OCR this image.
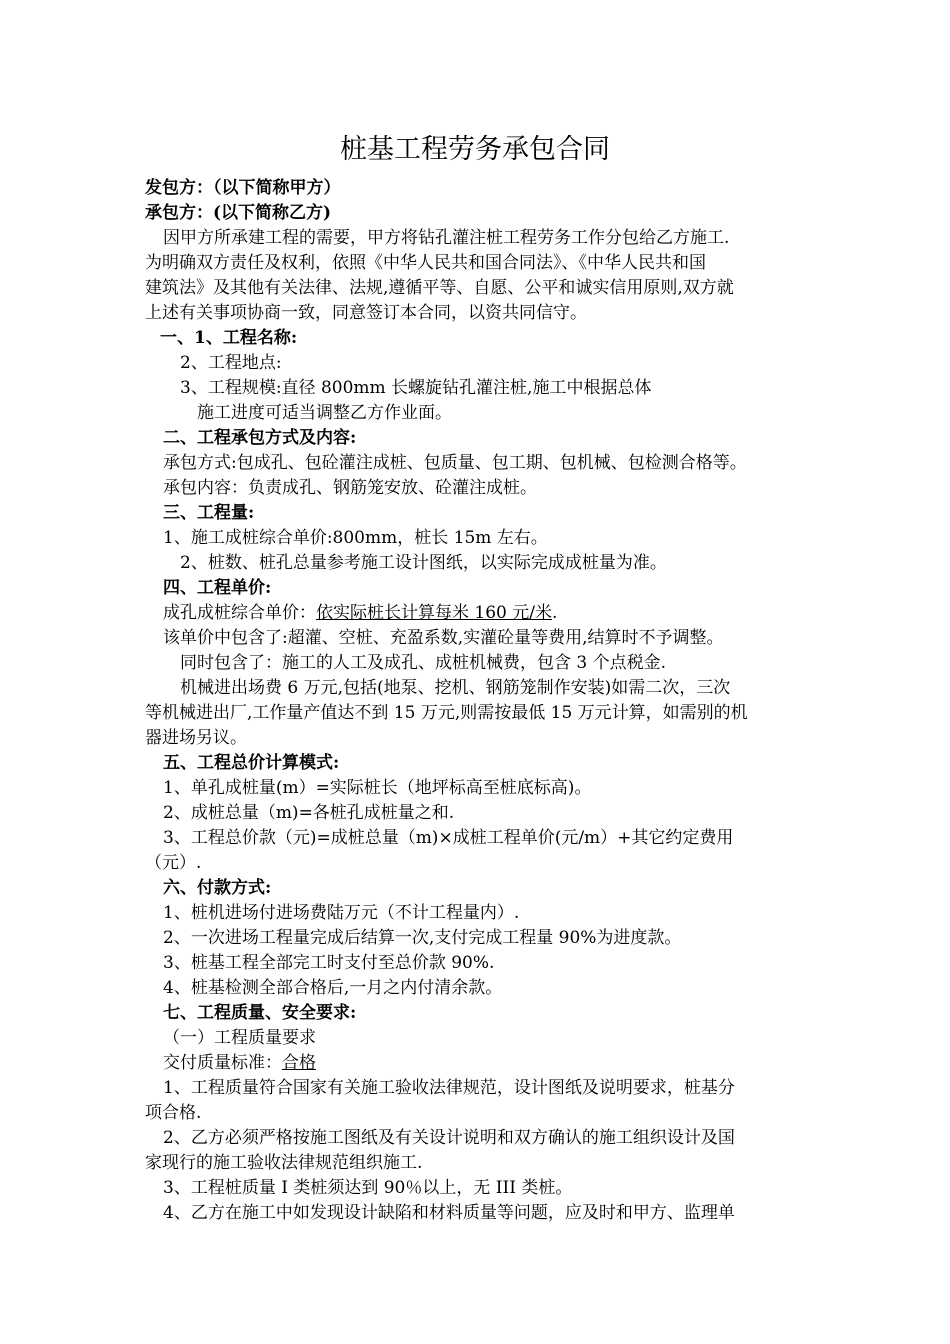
桩基工程劳务承包合同
发包方：（以下简称甲方）
承包方：(以下简称乙方)
因甲方所承建工程的需要，甲方将钻孔灌注桩工程劳务工作分包给乙方施工.
为明确双方责任及权利，依照《中华人民共和国合同法》、《中华人民共和国
建筑法》及其他有关法律、法规,遵循平等、自愿、公平和诚实信用原则,双方就
上述有关事项协商一致，同意签订本合同，以资共同信守。
一、1、工程名称:
2、工程地点:
3、工程规模:直径 800mm 长螺旋钻孔灌注桩,施工中根据总体
施工进度可适当调整乙方作业面。
二、工程承包方式及内容:
承包方式:包成孔、包砼灌注成桩、包质量、包工期、包机械、包检测合格等。
承包内容：负责成孔、钢筋笼安放、砼灌注成桩。
三、工程量:
1、施工成桩综合单价:800mm，桩长 15m 左右。
2、桩数、桩孔总量参考施工设计图纸，以实际完成成桩量为准。
四、工程单价:
成孔成桩综合单价：依实际桩长计算每米 160 元/米.
该单价中包含了:超灌、空桩、充盈系数,实灌砼量等费用,结算时不予调整。
同时包含了：施工的人工及成孔、成桩机械费，包含 3 个点税金.
机械进出场费 6 万元,包括(地泵、挖机、钢筋笼制作安装)如需二次，三次
等机械进出厂,工作量产值达不到 15 万元,则需按最低 15 万元计算，如需别的机
器进场另议。
五、工程总价计算模式:
1、单孔成桩量(m）=实际桩长（地坪标高至桩底标高)。
2、成桩总量（m)=各桩孔成桩量之和.
3、工程总价款（元)=成桩总量（m)×成桩工程单价(元/m）+其它约定费用
（元）.
六、付款方式:
1、桩机进场付进场费陆万元（不计工程量内）.
2、一次进场工程量完成后结算一次,支付完成工程量 90%为进度款。
3、桩基工程全部完工时支付至总价款 90%.
4、桩基检测全部合格后,一月之内付清余款。
七、工程质量、安全要求:
（一）工程质量要求
交付质量标准：合格
1、工程质量符合国家有关施工验收法律规范，设计图纸及说明要求，桩基分
项合格.
2、乙方必须严格按施工图纸及有关设计说明和双方确认的施工组织设计及国
家现行的施工验收法律规范组织施工.
3、工程桩质量 I 类桩须达到 90％以上，无 III 类桩。
4、乙方在施工中如发现设计缺陷和材料质量等问题，应及时和甲方、监理单
